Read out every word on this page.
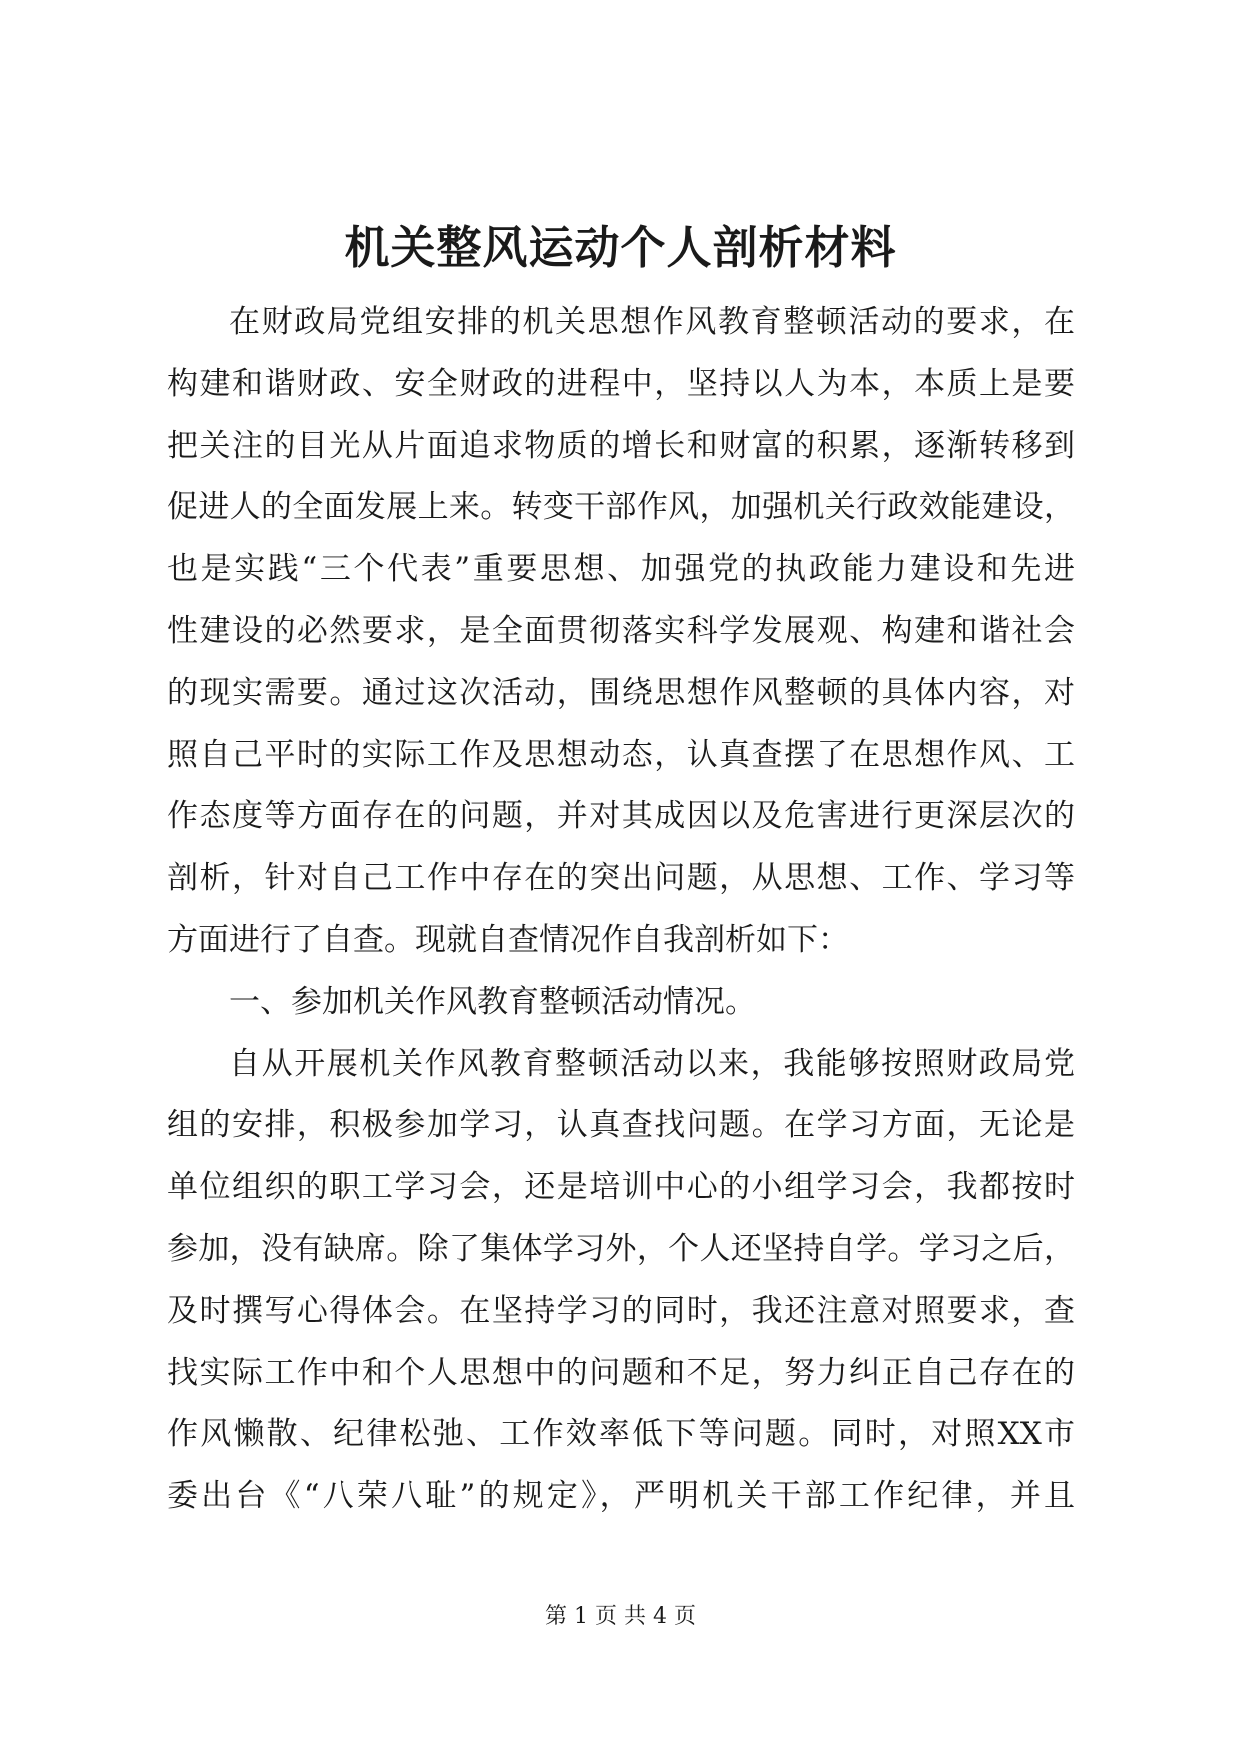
机关整风运动个人剖析材料
在财政局党组安排的机关思想作风教育整顿活动的要求，在
构建和谐财政、安全财政的进程中，坚持以人为本，本质上是要
把关注的目光从片面追求物质的增长和财富的积累，逐渐转移到
促进人的全面发展上来。转变干部作风，加强机关行政效能建设，
也是实践“三个代表”重要思想、加强党的执政能力建设和先进
性建设的必然要求，是全面贯彻落实科学发展观、构建和谐社会
的现实需要。通过这次活动，围绕思想作风整顿的具体内容，对
照自己平时的实际工作及思想动态，认真查摆了在思想作风、工
作态度等方面存在的问题，并对其成因以及危害进行更深层次的
剖析，针对自己工作中存在的突出问题，从思想、工作、学习等
方面进行了自查。现就自查情况作自我剖析如下：
一、参加机关作风教育整顿活动情况。
自从开展机关作风教育整顿活动以来，我能够按照财政局党
组的安排，积极参加学习，认真查找问题。在学习方面，无论是
单位组织的职工学习会，还是培训中心的小组学习会，我都按时
参加，没有缺席。除了集体学习外，个人还坚持自学。学习之后，
及时撰写心得体会。在坚持学习的同时，我还注意对照要求，查
找实际工作中和个人思想中的问题和不足，努力纠正自己存在的
作风懒散、纪律松弛、工作效率低下等问题。同时，对照XX市
委出台《“八荣八耻”的规定》，严明机关干部工作纪律，并且
第 1 页 共 4 页
